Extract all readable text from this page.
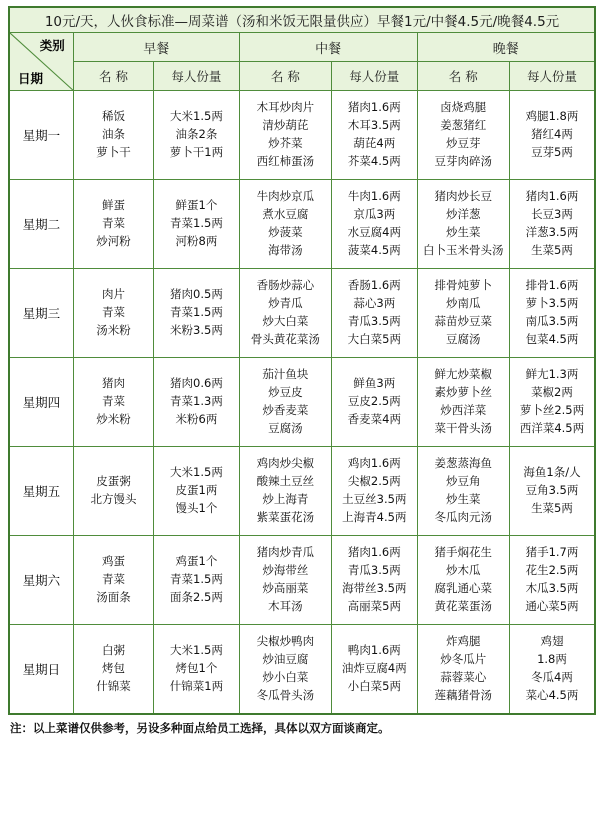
10元/天，人伙食标准—周菜谱（汤和米饭无限量供应）早餐1元/中餐4.5元/晚餐4.5元						

类别
日期	早餐		中餐		晚餐	
	名 称	每人份量	名 称	每人份量	名 称	每人份量
星期一	稀饭
油条
萝卜干	大米1.5两
油条2条
萝卜干1两	木耳炒肉片
清炒葫芘
炒芥菜
西红柿蛋汤	猪肉1.6两
木耳3.5两
葫芘4两
芥菜4.5两	卤烧鸡腿
姜葱猪红
炒豆芽
豆芽肉碎汤	鸡腿1.8两
猪红4两
豆芽5两

星期二	鲜蛋
青菜
炒河粉	鲜蛋1个
青菜1.5两
河粉8两	牛肉炒京瓜
煮水豆腐
炒菠菜
海带汤	牛肉1.6两
京瓜3两
水豆腐4两
菠菜4.5两	猪肉炒长豆
炒洋葱
炒生菜
白卜玉米骨头汤	猪肉1.6两
长豆3两
洋葱3.5两
生菜5两

星期三	肉片
青菜
汤米粉	猪肉0.5两
青菜1.5两
米粉3.5两	香肠炒蒜心
炒青瓜
炒大白菜
骨头黄花菜汤	香肠1.6两
蒜心3两
青瓜3.5两
大白菜5两	排骨炖萝卜
炒南瓜
蒜苗炒豆菜
豆腐汤	排骨1.6两
萝卜3.5两
南瓜3.5两
包菜4.5两

星期四	猪肉
青菜
炒米粉	猪肉0.6两
青菜1.3两
米粉6两	茄汁鱼块
炒豆皮
炒香麦菜
豆腐汤	鲜鱼3两
豆皮2.5两
香麦菜4两	鲜尢炒菜椒
素炒萝卜丝
炒西洋菜
菜干骨头汤	鲜尢1.3两
菜椒2两
萝卜丝2.5两
西洋菜4.5两

星期五	皮蛋粥
北方馒头	大米1.5两
皮蛋1两
馒头1个	鸡肉炒尖椒
酸辣土豆丝
炒上海青
紫菜蛋花汤	鸡肉1.6两
尖椒2.5两
土豆丝3.5两
上海青4.5两	姜葱蒸海鱼
炒豆角
炒生菜
冬瓜肉元汤	海鱼1条/人
豆角3.5两
生菜5两

星期六	鸡蛋
青菜
汤面条	鸡蛋1个
青菜1.5两
面条2.5两	猪肉炒青瓜
炒海带丝
炒高丽菜
木耳汤	猪肉1.6两
青瓜3.5两
海带丝3.5两
高丽菜5两	猪手焖花生
炒木瓜
腐乳通心菜
黄花菜蛋汤	猪手1.7两
花生2.5两
木瓜3.5两
通心菜5两

星期日	白粥
烤包
什锦菜	大米1.5两
烤包1个
什锦菜1两	尖椒炒鸭肉
炒油豆腐
炒小白菜
冬瓜骨头汤	鸭肉1.6两
油炸豆腐4两
小白菜5两	炸鸡腿
炒冬瓜片
蒜蓉菜心
莲藕猪骨汤	鸡翅
1.8两
冬瓜4两
菜心4.5两
注：以上菜谱仅供参考，另设多种面点给员工选择，具体以双方面谈商定。
